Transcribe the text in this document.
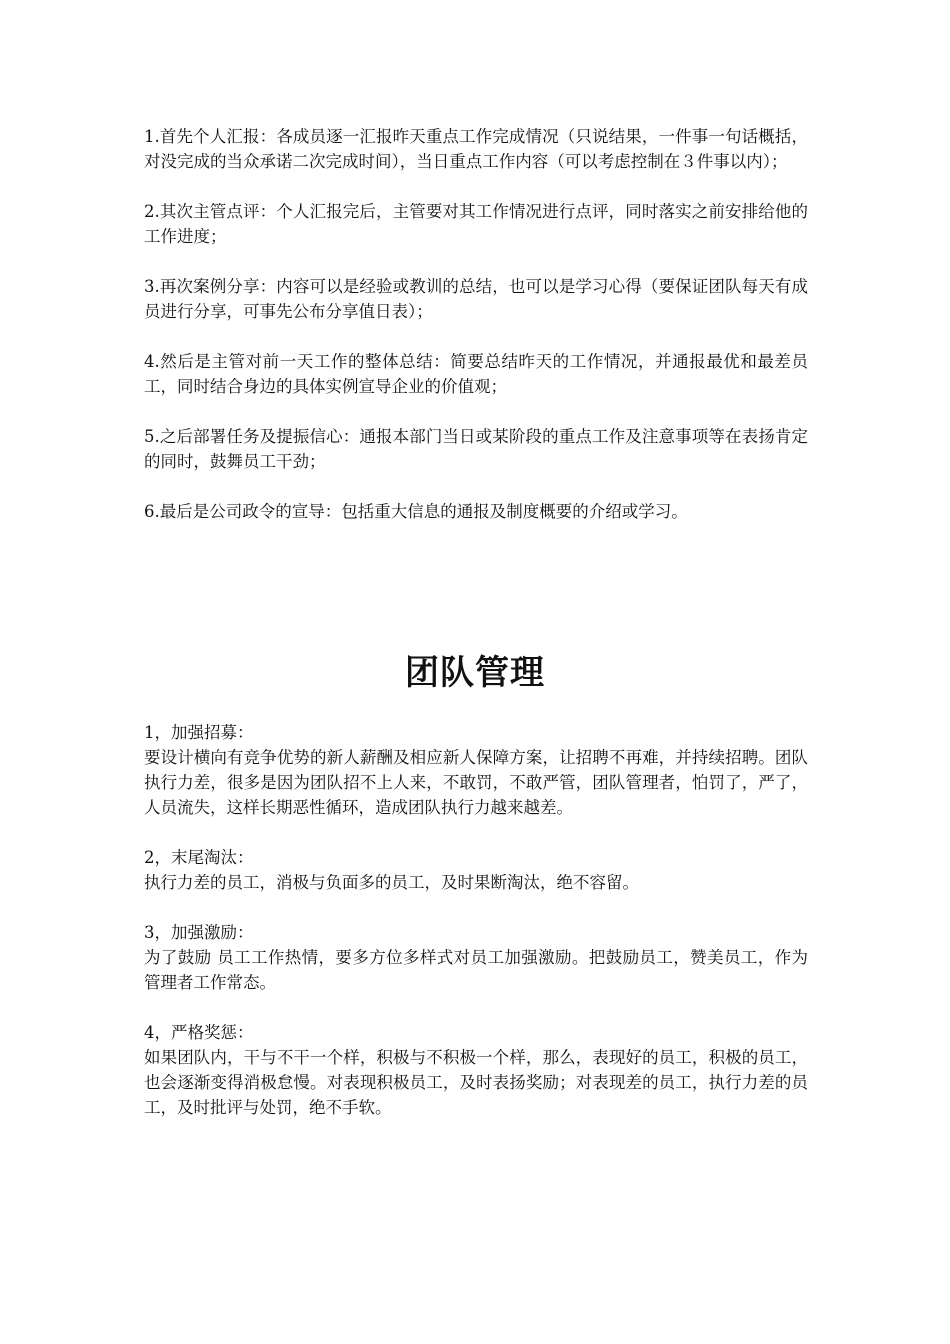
1.首先个人汇报：各成员逐一汇报昨天重点工作完成情况（只说结果，一件事一句话概括，对没完成的当众承诺二次完成时间），当日重点工作内容（可以考虑控制在３件事以内）；

2.其次主管点评：个人汇报完后，主管要对其工作情况进行点评，同时落实之前安排给他的工作进度；

3.再次案例分享：内容可以是经验或教训的总结，也可以是学习心得（要保证团队每天有成员进行分享，可事先公布分享值日表）；

4.然后是主管对前一天工作的整体总结：简要总结昨天的工作情况，并通报最优和最差员工，同时结合身边的具体实例宣导企业的价值观；

5.之后部署任务及提振信心：通报本部门当日或某阶段的重点工作及注意事项等在表扬肯定的同时，鼓舞员工干劲；

6.最后是公司政令的宣导：包括重大信息的通报及制度概要的介绍或学习。

团队管理

1，加强招募：

要设计横向有竞争优势的新人薪酬及相应新人保障方案，让招聘不再难，并持续招聘。团队执行力差，很多是因为团队招不上人来，不敢罚，不敢严管，团队管理者，怕罚了，严了，人员流失，这样长期恶性循环，造成团队执行力越来越差。

2，末尾淘汰：

执行力差的员工，消极与负面多的员工，及时果断淘汰，绝不容留。

3，加强激励：

为了鼓励 员工工作热情，要多方位多样式对员工加强激励。把鼓励员工，赞美员工，作为管理者工作常态。

4，严格奖惩：

如果团队内，干与不干一个样，积极与不积极一个样，那么，表现好的员工，积极的员工，也会逐渐变得消极怠慢。对表现积极员工，及时表扬奖励；对表现差的员工，执行力差的员工，及时批评与处罚，绝不手软。
